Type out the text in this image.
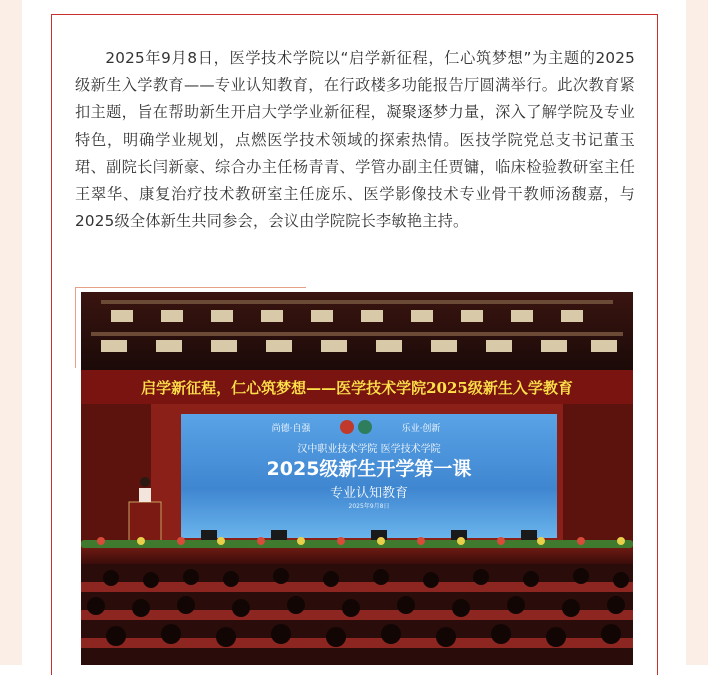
2025年9月8日，医学技术学院以“启学新征程，仁心筑梦想”为主题的2025级新生入学教育——专业认知教育，在行政楼多功能报告厅圆满举行。此次教育紧扣主题，旨在帮助新生开启大学学业新征程，凝聚逐梦力量，深入了解学院及专业特色，明确学业规划，点燃医学技术领域的探索热情。医技学院党总支书记董玉珺、副院长闫新豪、综合办主任杨青青、学管办副主任贾镛，临床检验教研室主任王翠华、康复治疗技术教研室主任庞乐、医学影像技术专业骨干教师汤馥嘉，与2025级全体新生共同参会，会议由学院院长李敏艳主持。

启学新征程，仁心筑梦想——医学技术学院2025级新生入学教育
尚德·自强	乐业·创新
汉中职业技术学院 医学技术学院
2025级新生开学第一课
专业认知教育
2025年9月8日
